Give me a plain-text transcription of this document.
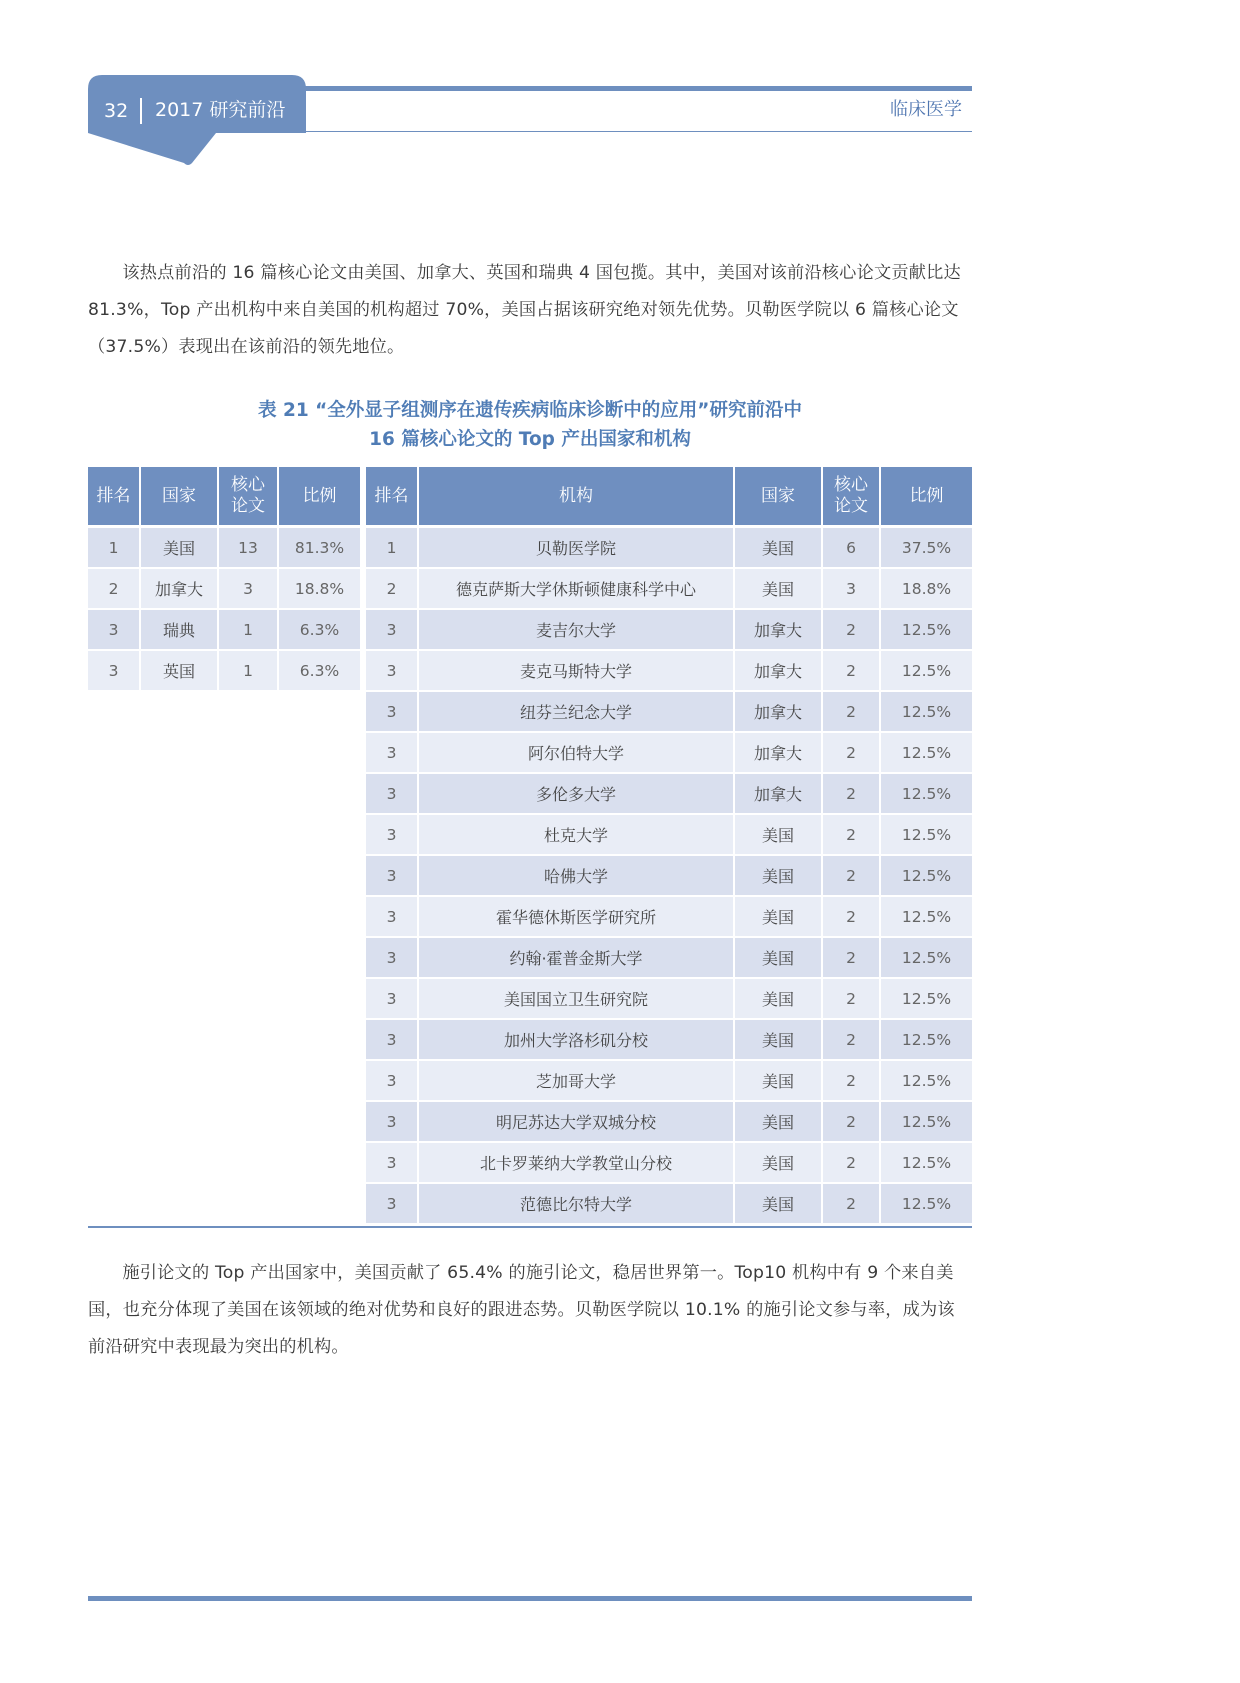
32	2017 研究前沿	临床医学

该热点前沿的 16 篇核心论文由美国、加拿大、英国和瑞典 4 国包揽。其中，美国对该前沿核心论文贡献比达 81.3%，Top 产出机构中来自美国的机构超过 70%，美国占据该研究绝对领先优势。贝勒医学院以 6 篇核心论文（37.5%）表现出在该前沿的领先地位。

表 21 “全外显子组测序在遗传疾病临床诊断中的应用”研究前沿中
16 篇核心论文的 Top 产出国家和机构
排名	国家	核心论文	比例
1	美国	13	81.3%
2	加拿大	3	18.8%
3	瑞典	1	6.3%
3	英国	1	6.3%
排名	机构	国家	核心论文	比例
1	贝勒医学院	美国	6	37.5%
2	德克萨斯大学休斯顿健康科学中心	美国	3	18.8%
3	麦吉尔大学	加拿大	2	12.5%
3	麦克马斯特大学	加拿大	2	12.5%
3	纽芬兰纪念大学	加拿大	2	12.5%
3	阿尔伯特大学	加拿大	2	12.5%
3	多伦多大学	加拿大	2	12.5%
3	杜克大学	美国	2	12.5%
3	哈佛大学	美国	2	12.5%
3	霍华德休斯医学研究所	美国	2	12.5%
3	约翰·霍普金斯大学	美国	2	12.5%
3	美国国立卫生研究院	美国	2	12.5%
3	加州大学洛杉矶分校	美国	2	12.5%
3	芝加哥大学	美国	2	12.5%
3	明尼苏达大学双城分校	美国	2	12.5%
3	北卡罗莱纳大学教堂山分校	美国	2	12.5%
3	范德比尔特大学	美国	2	12.5%

施引论文的 Top 产出国家中，美国贡献了 65.4% 的施引论文，稳居世界第一。Top10 机构中有 9 个来自美国，也充分体现了美国在该领域的绝对优势和良好的跟进态势。贝勒医学院以 10.1% 的施引论文参与率，成为该前沿研究中表现最为突出的机构。
